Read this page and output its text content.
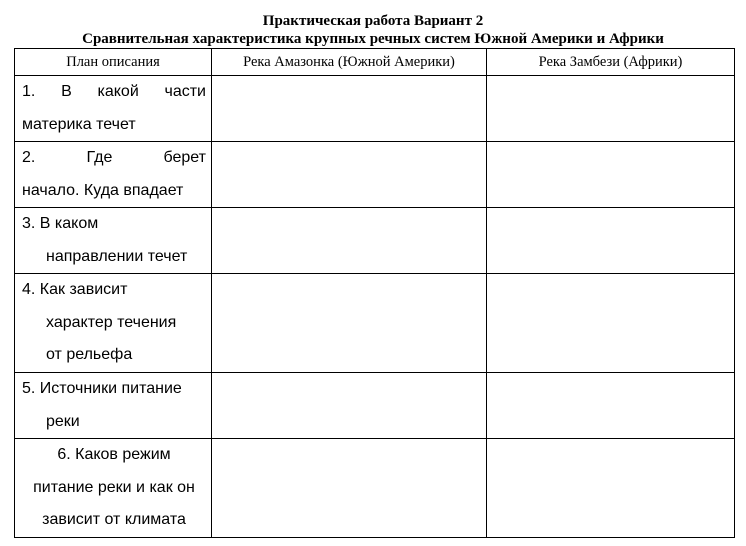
Практическая работа Вариант 2
Сравнительная характеристика крупных речных систем Южной Америки и Африки
План описания	Река Амазонка (Южной Америки)	Река Замбези (Африки)

1. В какой части
материка течет		

2. Где берет
начало. Куда впадает		

3. В каком
направлении течет		

4. Как зависит
характер течения
от рельефа		

5. Источники питание
реки		

6. Каков режим
питание реки и как он
зависит от климата		
